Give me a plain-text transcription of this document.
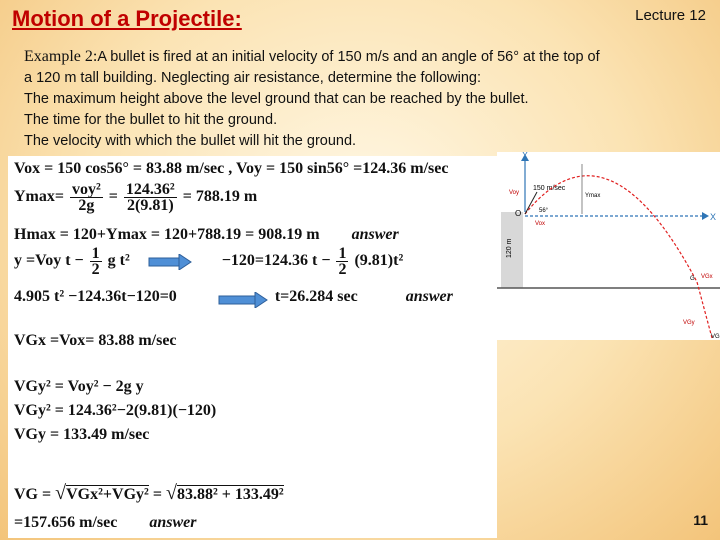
Motion of a Projectile:	Lecture 12
Example 2:A bullet is fired at an initial velocity of 150 m/s and an angle of 56° at the top of
a 120 m tall building. Neglecting air resistance, determine the following:
The maximum height above the level ground that can be reached by the bullet.
The time for the bullet to hit the ground.
The velocity with which the bullet will hit the ground.
Vox = 150 cos56° = 83.88 m/sec , Voy = 150 sin56° =124.36 m/sec
$Ymax= \frac{\text{voy²}}{2g} = \frac{\text{124.36²}}{2(9.81)} = 788.19$ m
Hmax = 120+Ymax = 120+788.19 = 908.19 m answer
y =Voy $t - \frac{1}{2}$ g t²	−120=124.36 $t - \frac{1}{2} (9.81)t^2$
4.905 t² −124.36t−120=0	t=26.284 sec	answer
VGx =Vox= 83.88 m/sec
VGy² = Voy² − 2g y
VGy² = 124.36²−2(9.81)(−120)
VGy = 133.49 m/sec
VG = √VGx²+VGy² = √83.88² + 133.49²
=157.656 m/sec answer
Y
X
O
150 m/sec
56°
Vox
Voy	Ymax
120 m
G VGx
VGy
VG
11
